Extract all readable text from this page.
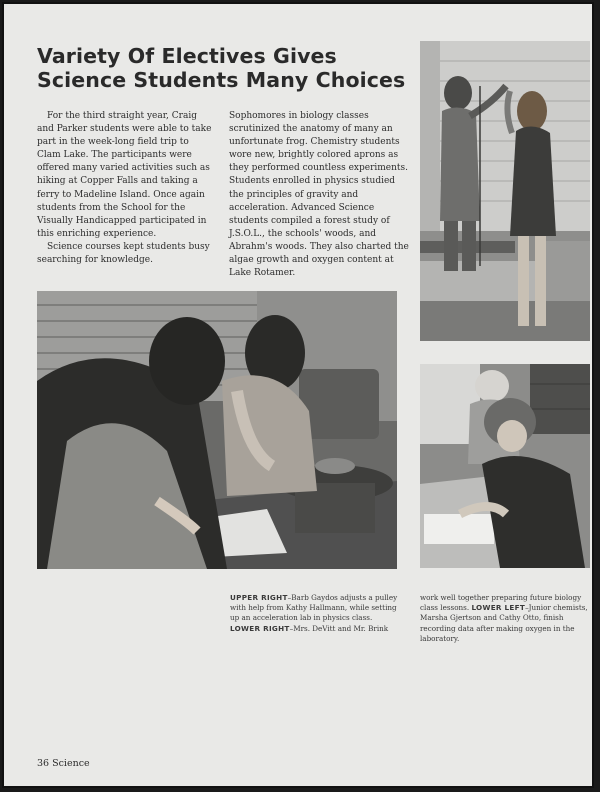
Variety Of Electives Gives
Science Students Many Choices

For the third straight year, Craig and Parker students were able to take part in the week-long field trip to Clam Lake. The participants were offered many varied activities such as hiking at Copper Falls and taking a ferry to Madeline Island. Once again students from the School for the Visually Handicapped participated in this enriching experience.

Science courses kept students busy searching for knowledge.

Sophomores in biology classes scrutinized the anatomy of many an unfortunate frog. Chemistry students wore new, brightly colored aprons as they performed countless experiments. Students enrolled in physics studied the principles of gravity and acceleration. Advanced Science students compiled a forest study of J.S.O.L., the schools' woods, and Abrahm's woods. They also charted the algae growth and oxygen content at Lake Rotamer.

UPPER RIGHT–Barb Gaydos adjusts a pulley with help from Kathy Hallmann, while setting up an acceleration lab in physics class. LOWER RIGHT–Mrs. DeVitt and Mr. Brink
work well together preparing future biology class lessons. LOWER LEFT–Junior chemists, Marsha Gjertson and Cathy Otto, finish recording data after making oxygen in the laboratory.
36 Science
